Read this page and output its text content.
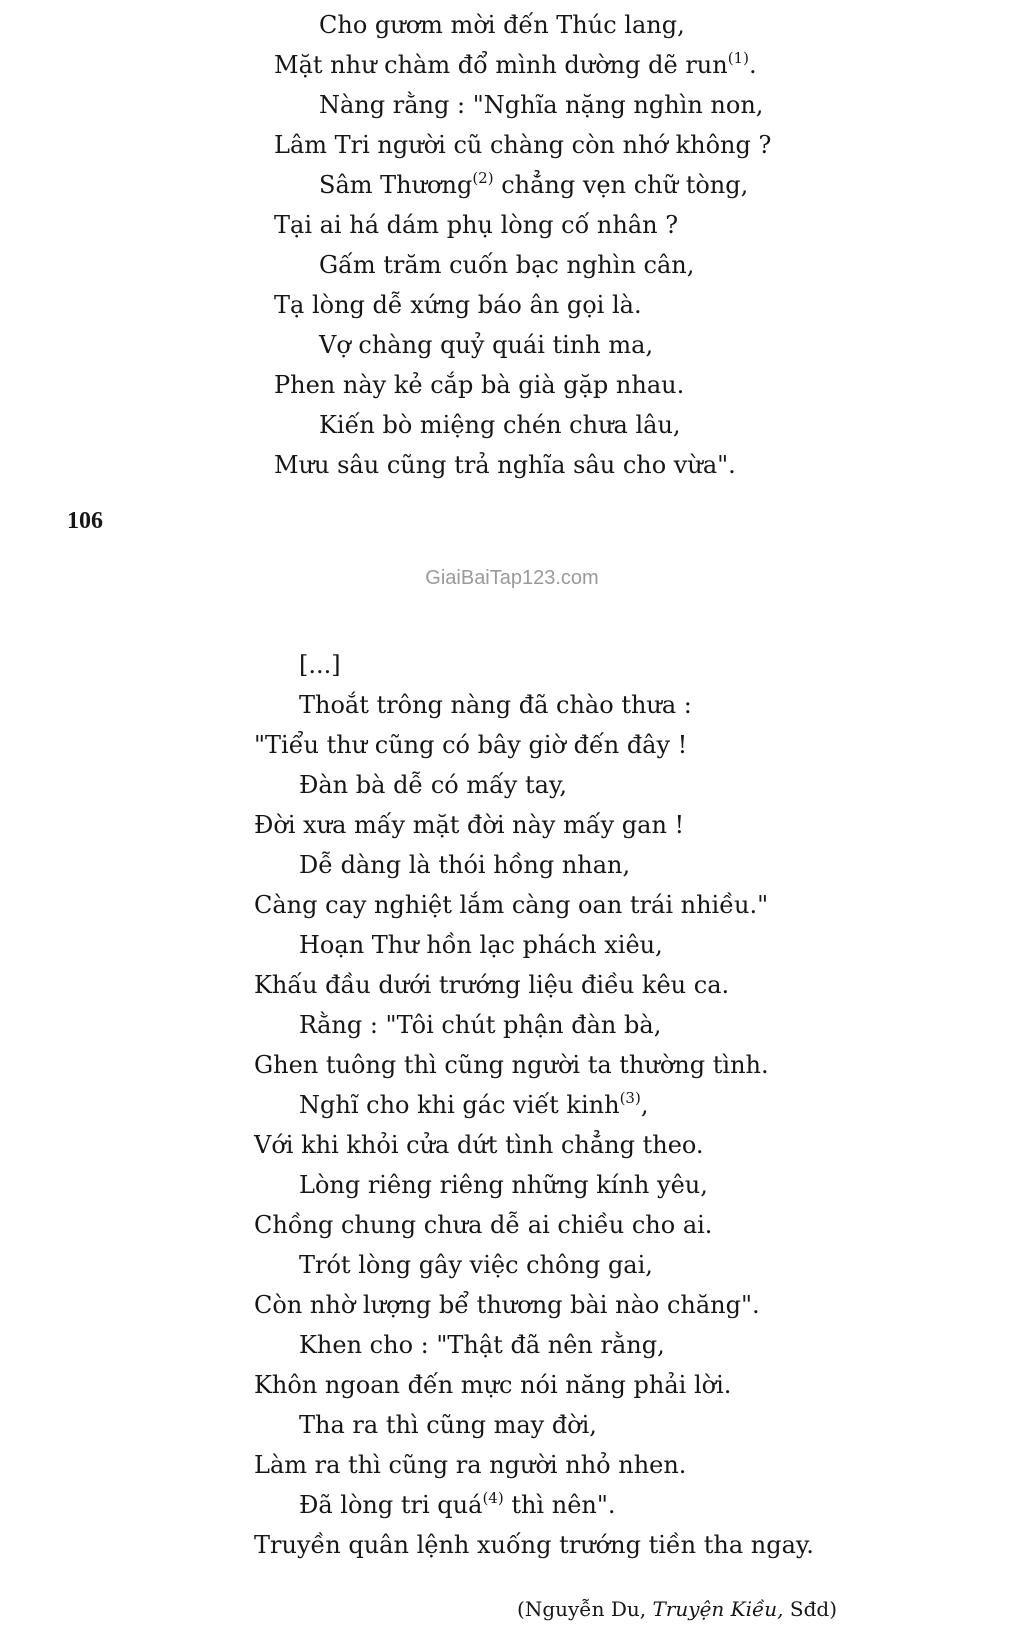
Cho gươm mời đến Thúc lang,
Mặt như chàm đổ mình dường dẽ run$^{(1)}$.
Nàng rằng : "Nghĩa nặng nghìn non,
Lâm Tri người cũ chàng còn nhớ không ?
Sâm Thương$^{(2)}$ chẳng vẹn chữ tòng,
Tại ai há dám phụ lòng cố nhân ?
Gấm trăm cuốn bạc nghìn cân,
Tạ lòng dễ xứng báo ân gọi là.
Vợ chàng quỷ quái tinh ma,
Phen này kẻ cắp bà già gặp nhau.
Kiến bò miệng chén chưa lâu,
Mưu sâu cũng trả nghĩa sâu cho vừa".
106
GiaiBaiTap123.com
[...]
Thoắt trông nàng đã chào thưa :
"Tiểu thư cũng có bây giờ đến đây !
Đàn bà dễ có mấy tay,
Đời xưa mấy mặt đời này mấy gan !
Dễ dàng là thói hồng nhan,
Càng cay nghiệt lắm càng oan trái nhiều."
Hoạn Thư hồn lạc phách xiêu,
Khấu đầu dưới trướng liệu điều kêu ca.
Rằng : "Tôi chút phận đàn bà,
Ghen tuông thì cũng người ta thường tình.
Nghĩ cho khi gác viết kinh$^{(3)}$,
Với khi khỏi cửa dứt tình chẳng theo.
Lòng riêng riêng những kính yêu,
Chồng chung chưa dễ ai chiều cho ai.
Trót lòng gây việc chông gai,
Còn nhờ lượng bể thương bài nào chăng".
Khen cho : "Thật đã nên rằng,
Khôn ngoan đến mực nói năng phải lời.
Tha ra thì cũng may đời,
Làm ra thì cũng ra người nhỏ nhen.
Đã lòng tri quá$^{(4)}$ thì nên".
Truyền quân lệnh xuống trướng tiền tha ngay.
(Nguyễn Du, Truyện Kiều, Sđd)
